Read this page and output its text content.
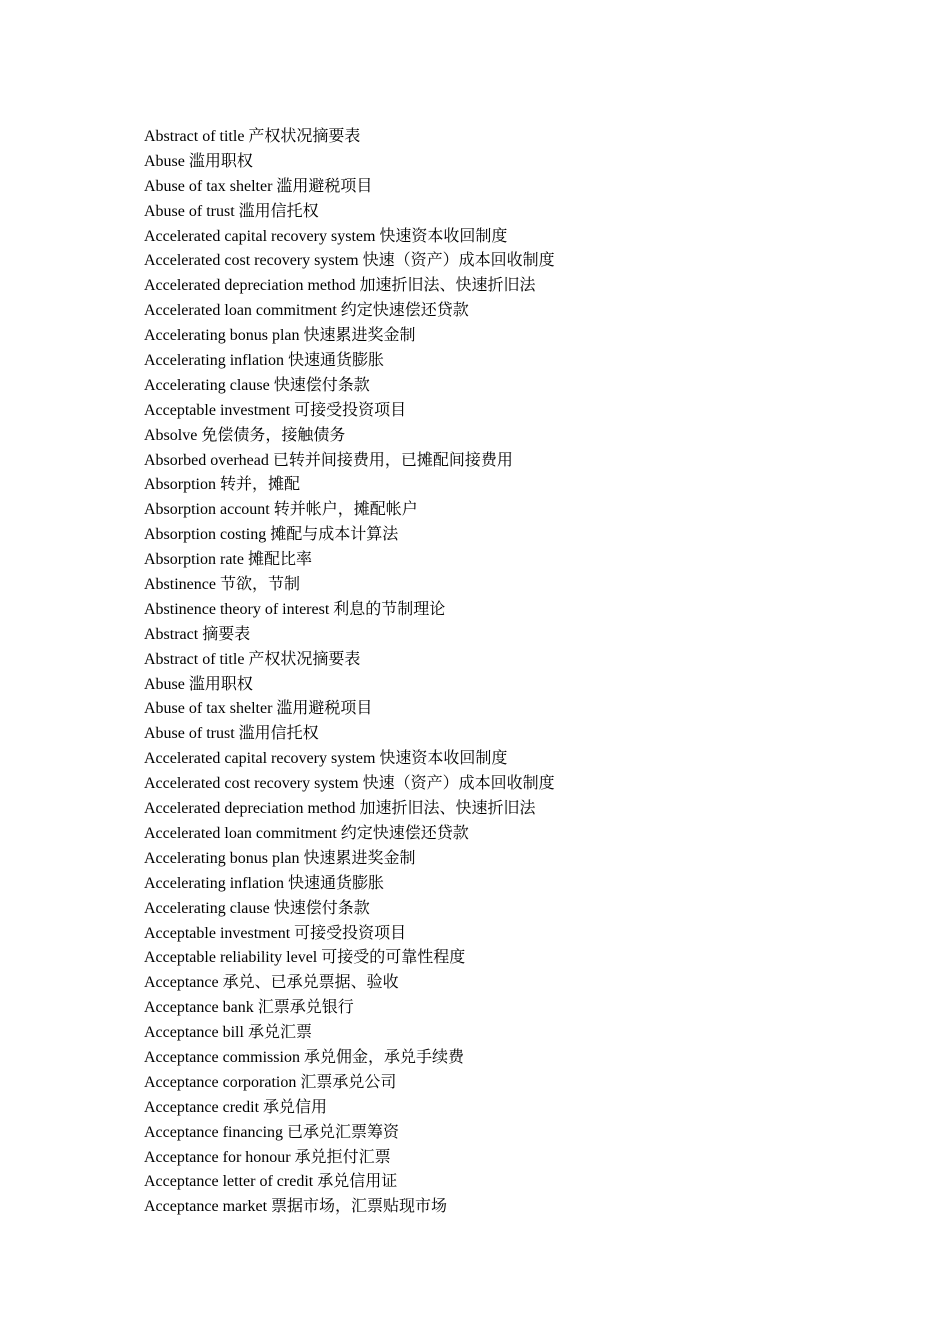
Abstract of title 产权状况摘要表
Abuse 滥用职权
Abuse of tax shelter 滥用避税项目
Abuse of trust 滥用信托权
Accelerated capital recovery system 快速资本收回制度
Accelerated cost recovery system 快速（资产）成本回收制度
Accelerated depreciation method 加速折旧法、快速折旧法
Accelerated loan commitment 约定快速偿还贷款
Accelerating bonus plan 快速累进奖金制
Accelerating inflation 快速通货膨胀
Accelerating clause 快速偿付条款
Acceptable investment 可接受投资项目
Absolve 免偿债务，接触债务
Absorbed overhead 已转并间接费用，已摊配间接费用
Absorption 转并，摊配
Absorption account 转并帐户，摊配帐户
Absorption costing 摊配与成本计算法
Absorption rate 摊配比率
Abstinence 节欲，节制
Abstinence theory of interest 利息的节制理论
Abstract 摘要表
Abstract of title 产权状况摘要表
Abuse 滥用职权
Abuse of tax shelter 滥用避税项目
Abuse of trust 滥用信托权
Accelerated capital recovery system 快速资本收回制度
Accelerated cost recovery system 快速（资产）成本回收制度
Accelerated depreciation method 加速折旧法、快速折旧法
Accelerated loan commitment 约定快速偿还贷款
Accelerating bonus plan 快速累进奖金制
Accelerating inflation 快速通货膨胀
Accelerating clause 快速偿付条款
Acceptable investment 可接受投资项目
Acceptable reliability level 可接受的可靠性程度
Acceptance 承兑、已承兑票据、验收
Acceptance bank 汇票承兑银行
Acceptance bill 承兑汇票
Acceptance commission 承兑佣金，承兑手续费
Acceptance corporation 汇票承兑公司
Acceptance credit 承兑信用
Acceptance financing 已承兑汇票筹资
Acceptance for honour 承兑拒付汇票
Acceptance letter of credit 承兑信用证
Acceptance market 票据市场，汇票贴现市场
